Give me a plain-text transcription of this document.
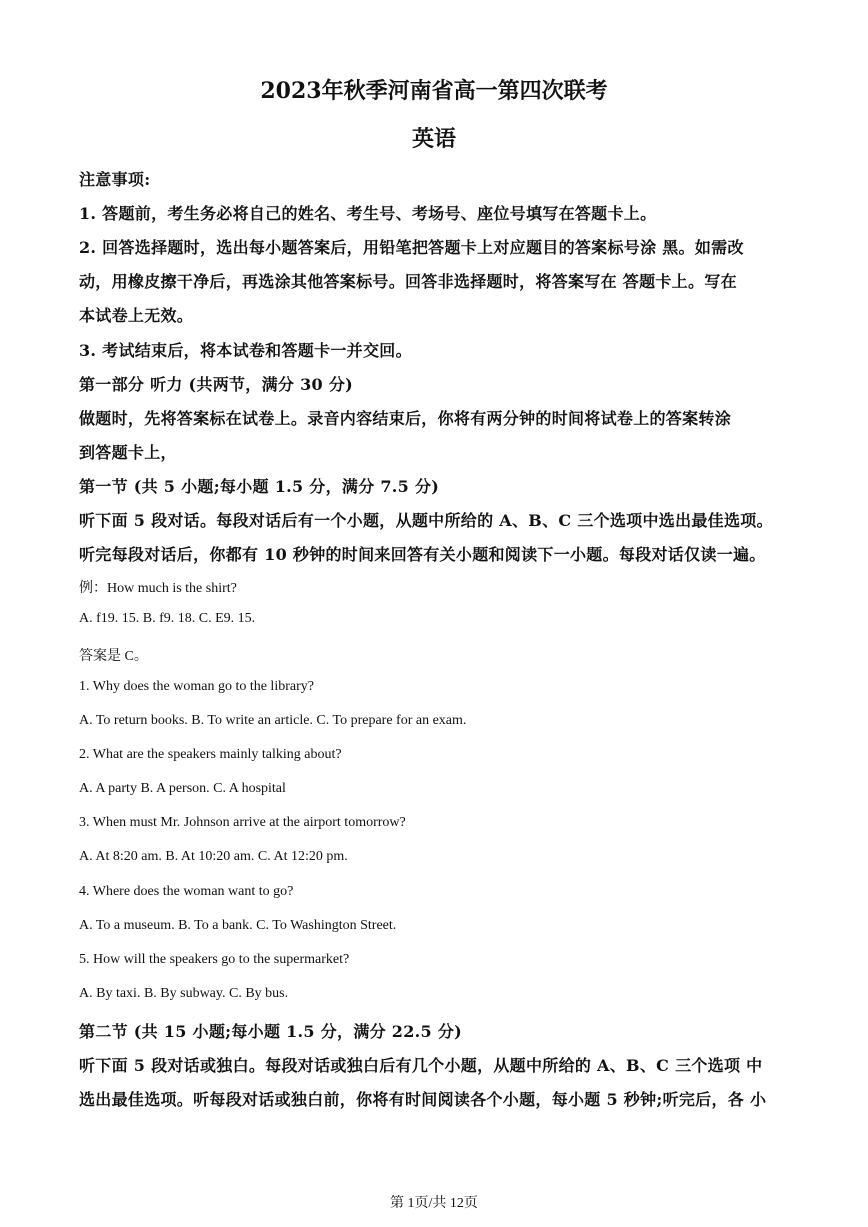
2023年秋季河南省高一第四次联考
英语
注意事项:
1. 答题前，考生务必将自己的姓名、考生号、考场号、座位号填写在答题卡上。
2. 回答选择题时，选出每小题答案后，用铅笔把答题卡上对应题目的答案标号涂 黑。如需改
动，用橡皮擦干净后，再选涂其他答案标号。回答非选择题时，将答案写在 答题卡上。写在
本试卷上无效。
3. 考试结束后，将本试卷和答题卡一并交回。
第一部分 听力 (共两节，满分 30 分)
做题时，先将答案标在试卷上。录音内容结束后，你将有两分钟的时间将试卷上的答案转涂
到答题卡上，
第一节 (共 5 小题;每小题 1.5 分，满分 7.5 分)
听下面 5 段对话。每段对话后有一个小题，从题中所给的 A、B、C 三个选项中选出最佳选项。
听完每段对话后，你都有 10 秒钟的时间来回答有关小题和阅读下一小题。每段对话仅读一遍。
例：How much is the shirt?
A. f19. 15. B. f9. 18. C. E9. 15.
答案是 C。
1. Why does the woman go to the library?
A. To return books. B. To write an article. C. To prepare for an exam.
2. What are the speakers mainly talking about?
A. A party B. A person. C. A hospital
3. When must Mr. Johnson arrive at the airport tomorrow?
A. At 8:20 am. B. At 10:20 am. C. At 12:20 pm.
4. Where does the woman want to go?
A. To a museum. B. To a bank. C. To Washington Street.
5. How will the speakers go to the supermarket?
A. By taxi. B. By subway. C. By bus.
第二节 (共 15 小题;每小题 1.5 分，满分 22.5 分)
听下面 5 段对话或独白。每段对话或独白后有几个小题，从题中所给的 A、B、C 三个选项 中
选出最佳选项。听每段对话或独白前，你将有时间阅读各个小题，每小题 5 秒钟;听完后，各 小
第 1页/共 12页
